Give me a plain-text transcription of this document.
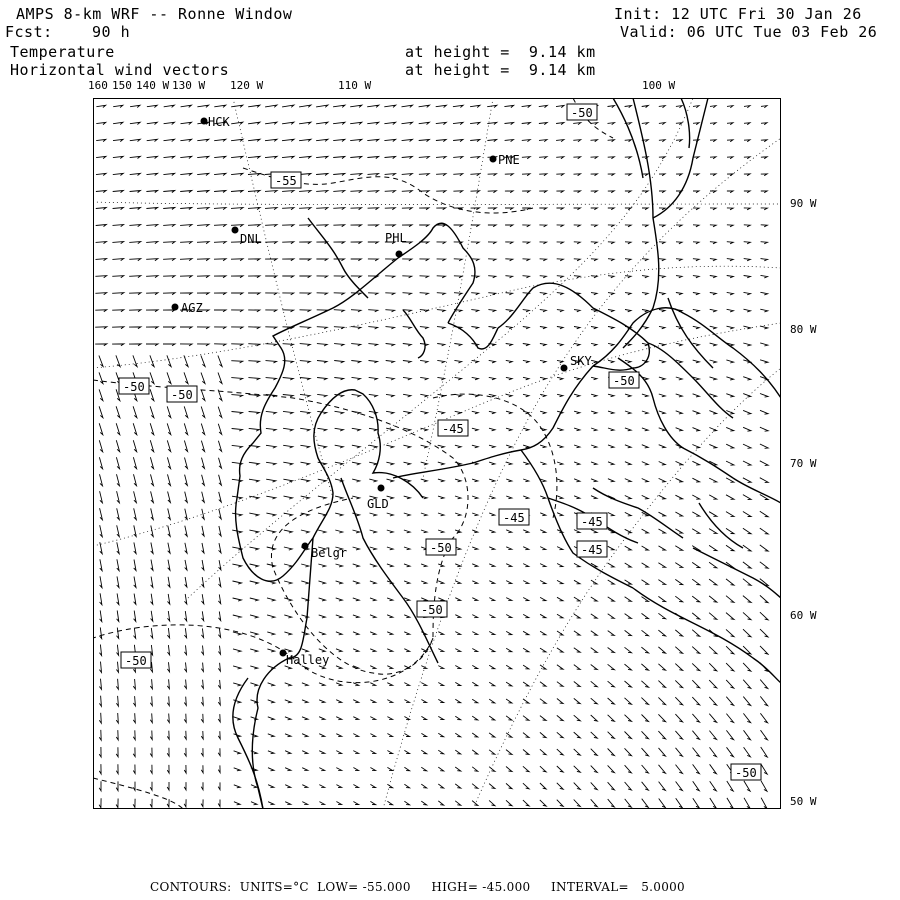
AMPS 8-km WRF -- Ronne Window	Init: 12 UTC Fri 30 Jan 26
Fcst:	90 h	Valid: 06 UTC Tue 03 Feb 26
Temperature	at height =  9.14 km
Horizontal wind vectors	at height =  9.14 km
160 150 140 W 130 W 120 W	110 W	100 W
90 W
80 W
70 W
60 W
50 W
HCK
PNE
DNL	PHL
AGZ
SKY
GLD
Belgr
Halley
-50
-55
-50
-50
-45
-50
-45	-45
-45
-50
-50
-50
-50
CONTOURS:  UNITS=°C  LOW= -55.000     HIGH= -45.000     INTERVAL=   5.0000
